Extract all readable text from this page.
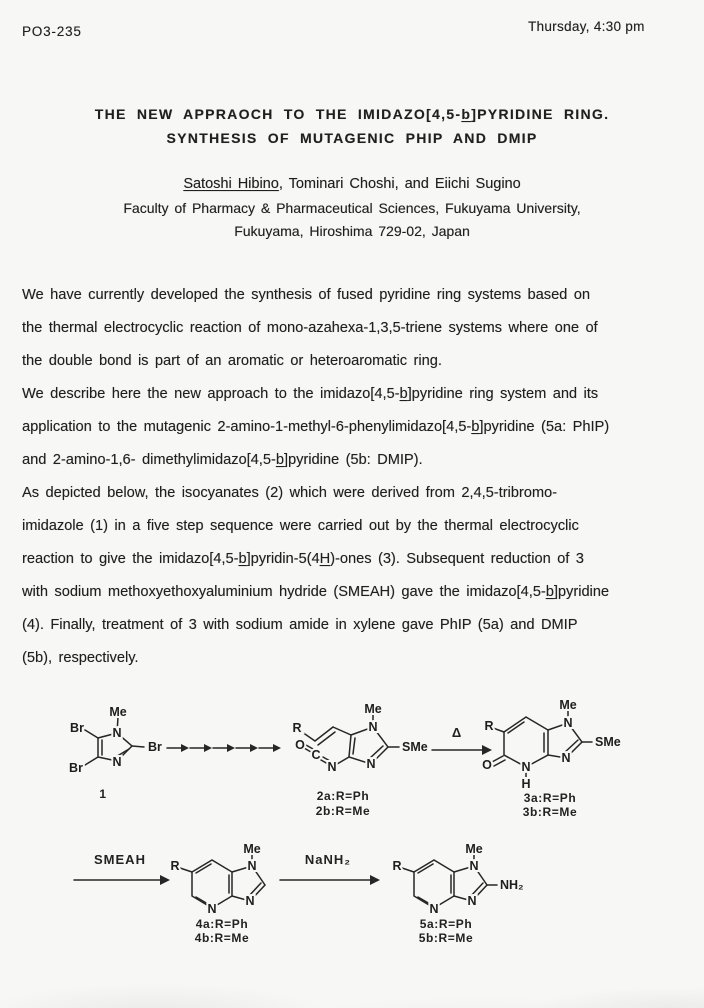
PO3-235	Thursday, 4:30 pm
THE NEW APPRAOCH TO THE IMIDAZO[4,5-b]PYRIDINE RING.
SYNTHESIS OF MUTAGENIC PHIP AND DMIP
Satoshi Hibino, Tominari Choshi, and Eiichi Sugino
Faculty of Pharmacy & Pharmaceutical Sciences, Fukuyama University,
Fukuyama, Hiroshima 729-02, Japan
We have currently developed the synthesis of fused pyridine ring systems based on
the thermal electrocyclic reaction of mono-azahexa-1,3,5-triene systems where one of
the double bond is part of an aromatic or heteroaromatic ring.
We describe here the new approach to the imidazo[4,5-b]pyridine ring system and its
application to the mutagenic 2-amino-1-methyl-6-phenylimidazo[4,5-b]pyridine (5a: PhIP)
and 2-amino-1,6- dimethylimidazo[4,5-b]pyridine (5b: DMIP).
As depicted below, the isocyanates (2) which were derived from 2,4,5-tribromo-
imidazole (1) in a five step sequence were carried out by the thermal electrocyclic
reaction to give the imidazo[4,5-b]pyridin-5(4H)-ones (3). Subsequent reduction of 3
with sodium methoxyethoxyaluminium hydride (SMEAH) gave the imidazo[4,5-b]pyridine
(4). Finally, treatment of 3 with sodium amide in xylene gave PhIP (5a) and DMIP
(5b), respectively.
Me
N
N
Br
Br
Br
1
R
Me
N
N
SMe
O
C
N
2a:R=Ph
2b:R=Me
Δ R
Me
N
N
SMe
O N
H
3a:R=Ph
3b:R=Me
SMEAH R
Me
N
N
N
4a:R=Ph
4b:R=Me
NaNH₂	R
Me
N
N
N
NH₂
5a:R=Ph
5b:R=Me
